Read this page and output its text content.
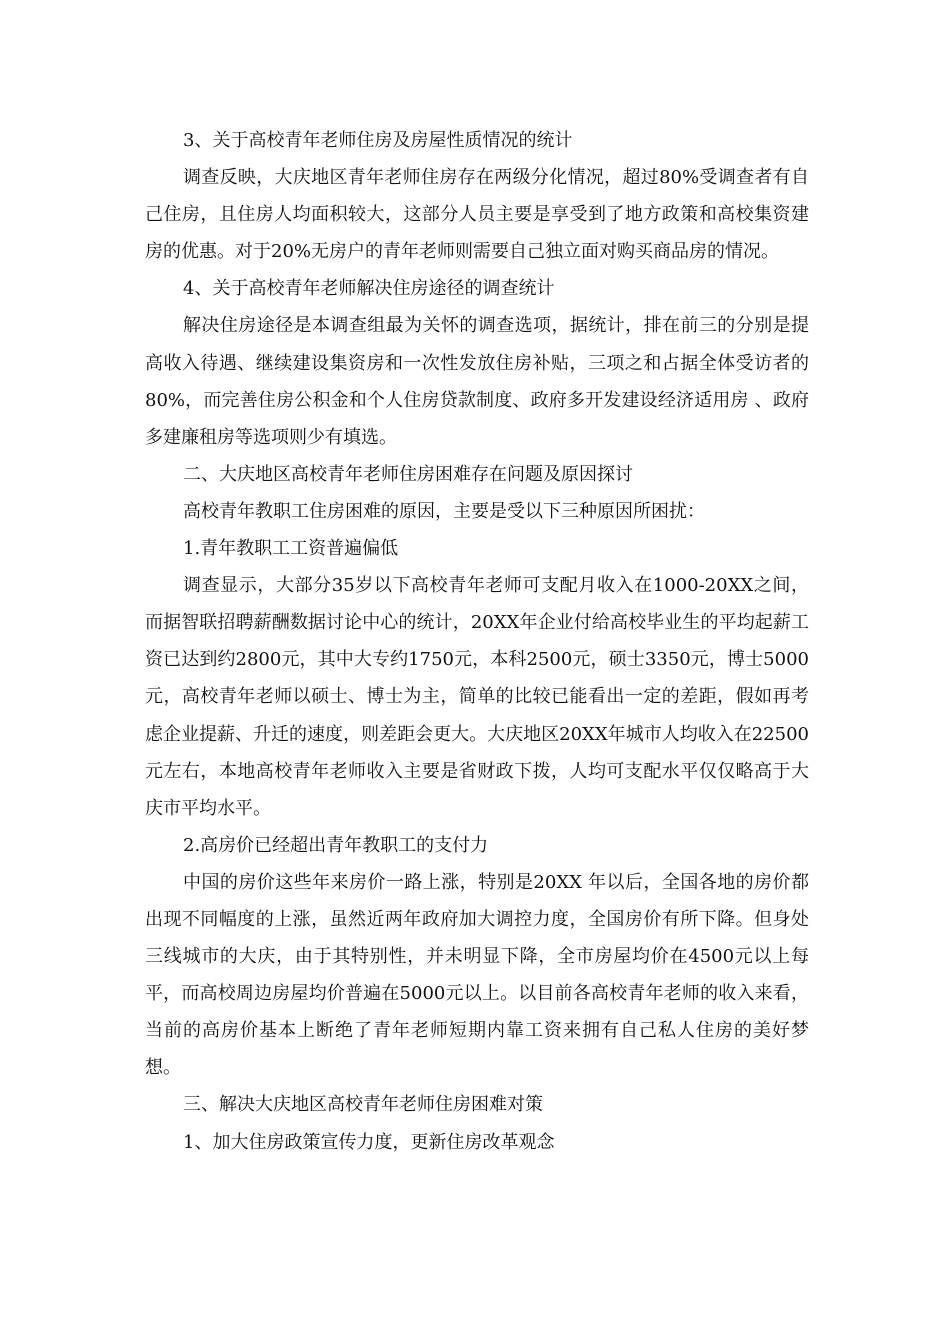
3、关于高校青年老师住房及房屋性质情况的统计

调查反映，大庆地区青年老师住房存在两级分化情况，超过80%受调查者有自己住房，且住房人均面积较大，这部分人员主要是享受到了地方政策和高校集资建房的优惠。对于20%无房户的青年老师则需要自己独立面对购买商品房的情况。

4、关于高校青年老师解决住房途径的调查统计

解决住房途径是本调查组最为关怀的调查选项，据统计，排在前三的分别是提高收入待遇、继续建设集资房和一次性发放住房补贴，三项之和占据全体受访者的80%，而完善住房公积金和个人住房贷款制度、政府多开发建设经济适用房 、政府多建廉租房等选项则少有填选。

二、大庆地区高校青年老师住房困难存在问题及原因探讨

高校青年教职工住房困难的原因，主要是受以下三种原因所困扰：

1.青年教职工工资普遍偏低

调查显示，大部分35岁以下高校青年老师可支配月收入在1000-20XX之间，而据智联招聘薪酬数据讨论中心的统计，20XX年企业付给高校毕业生的平均起薪工资已达到约2800元，其中大专约1750元，本科2500元，硕士3350元，博士5000元，高校青年老师以硕士、博士为主，简单的比较已能看出一定的差距，假如再考虑企业提薪、升迁的速度，则差距会更大。大庆地区20XX年城市人均收入在22500元左右，本地高校青年老师收入主要是省财政下拨，人均可支配水平仅仅略高于大庆市平均水平。

2.高房价已经超出青年教职工的支付力

中国的房价这些年来房价一路上涨，特别是20XX 年以后，全国各地的房价都出现不同幅度的上涨，虽然近两年政府加大调控力度，全国房价有所下降。但身处三线城市的大庆，由于其特别性，并未明显下降，全市房屋均价在4500元以上每平，而高校周边房屋均价普遍在5000元以上。以目前各高校青年老师的收入来看，当前的高房价基本上断绝了青年老师短期内靠工资来拥有自己私人住房的美好梦想。

三、解决大庆地区高校青年老师住房困难对策

1、加大住房政策宣传力度，更新住房改革观念
